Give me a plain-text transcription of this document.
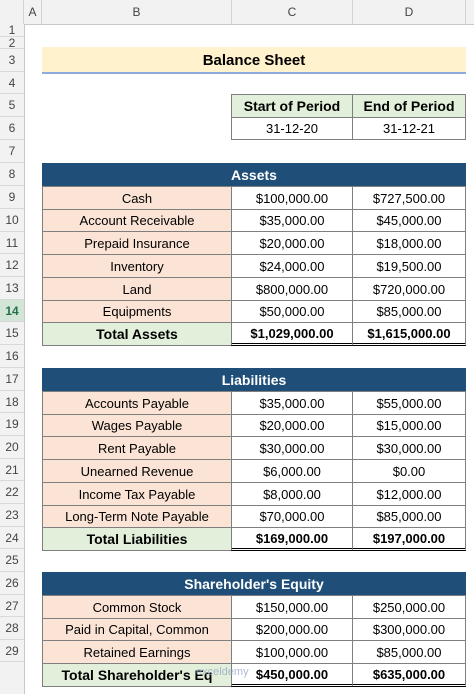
A	B	C	D
1
2
3
4
5
6
7
8
9
10
11
12
13
14
15
16
17
18
19
20
21
22
23
24
25
26
27
28
29
Balance Sheet
Start of Period	End of Period
31-12-20	31-12-21
Assets
Cash	$100,000.00	$727,500.00
Account Receivable	$35,000.00	$45,000.00
Prepaid Insurance	$20,000.00	$18,000.00
Inventory	$24,000.00	$19,500.00
Land	$800,000.00	$720,000.00
Equipments	$50,000.00	$85,000.00
Total Assets	$1,029,000.00	$1,615,000.00
Liabilities
Accounts Payable	$35,000.00	$55,000.00
Wages Payable	$20,000.00	$15,000.00
Rent Payable	$30,000.00	$30,000.00
Unearned Revenue	$6,000.00	$0.00
Income Tax Payable	$8,000.00	$12,000.00
Long-Term Note Payable	$70,000.00	$85,000.00
Total Liabilities	$169,000.00	$197,000.00
Shareholder's Equity
Common Stock	$150,000.00	$250,000.00
Paid in Capital, Common	$200,000.00	$300,000.00
Retained Earnings	$100,000.00	$85,000.00
Total Shareholder's Eq	$450,000.00	$635,000.00
exceldemy
